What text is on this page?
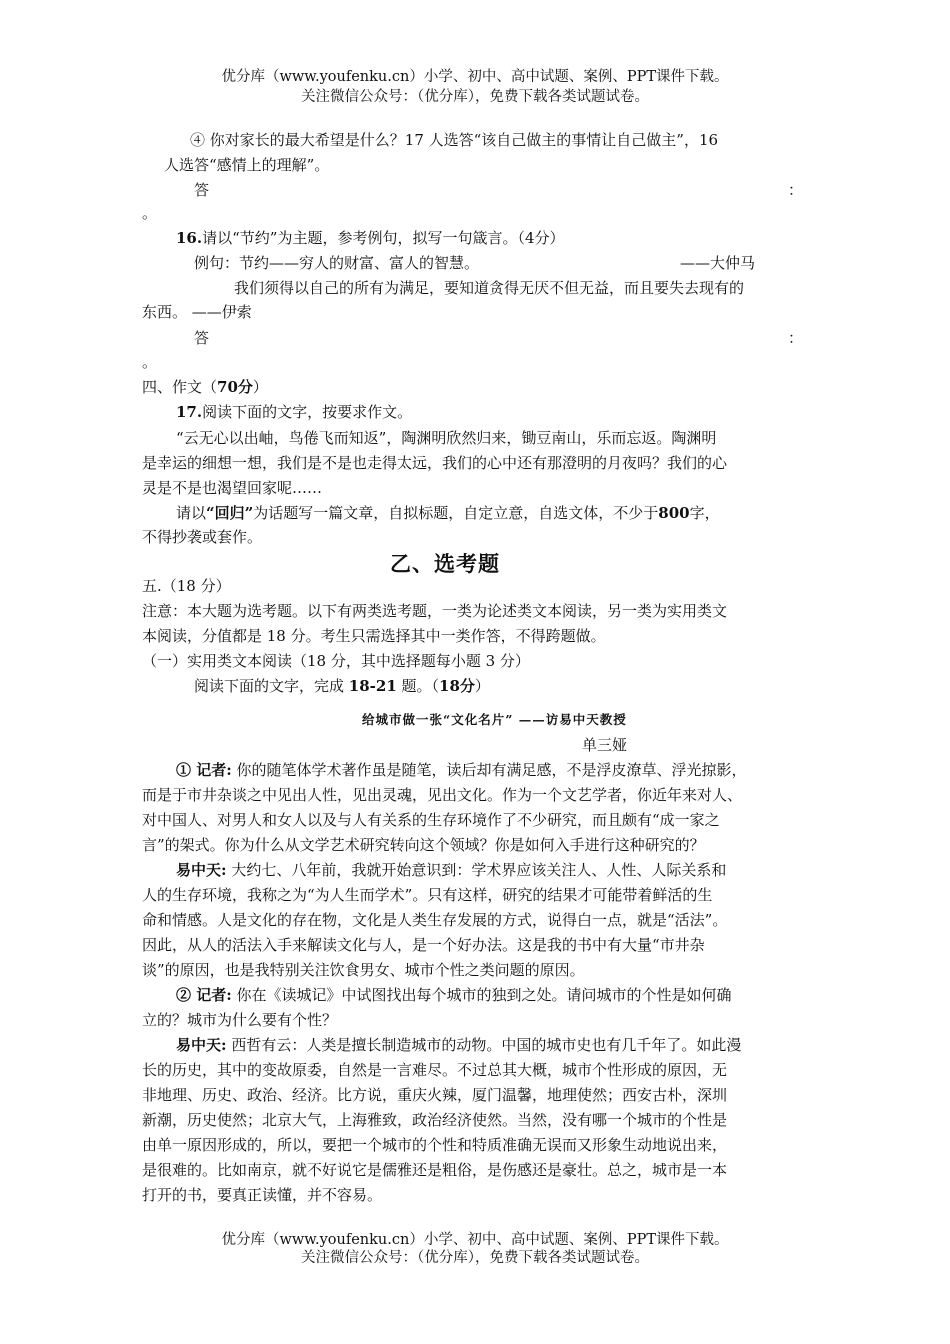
优分库（www.youfenku.cn）小学、初中、高中试题、案例、PPT课件下载。
关注微信公众号：（优分库），免费下载各类试题试卷。
④ 你对家长的最大希望是什么？17 人选答“该自己做主的事情让自己做主”，16
人选答“感情上的理解”。
答	：
。
16.请以“节约”为主题，参考例句，拟写一句箴言。（4分）
例句：节约——穷人的财富、富人的智慧。	——大仲马
我们须得以自己的所有为满足，要知道贪得无厌不但无益，而且要失去现有的
东西。 ——伊索
答	：
。
四、作文（70分）
17.阅读下面的文字，按要求作文。
“云无心以出岫，鸟倦飞而知返”，陶渊明欣然归来，锄豆南山，乐而忘返。陶渊明
是幸运的细想一想，我们是不是也走得太远，我们的心中还有那澄明的月夜吗？我们的心
灵是不是也渴望回家呢……
请以“回归”为话题写一篇文章，自拟标题，自定立意，自选文体，不少于800字，
不得抄袭或套作。
乙、选考题
五.（18 分）
注意：本大题为选考题。以下有两类选考题，一类为论述类文本阅读，另一类为实用类文
本阅读，分值都是 18 分。考生只需选择其中一类作答，不得跨题做。
（一）实用类文本阅读（18 分，其中选择题每小题 3 分）
阅读下面的文字，完成 18-21 题。（18分）
给城市做一张“文化名片” ——访易中天教授
单三娅
① 记者: 你的随笔体学术著作虽是随笔，读后却有满足感，不是浮皮潦草、浮光掠影，
而是于市井杂谈之中见出人性，见出灵魂，见出文化。作为一个文艺学者，你近年来对人、
对中国人、对男人和女人以及与人有关系的生存环境作了不少研究，而且颇有“成一家之
言”的架式。你为什么从文学艺术研究转向这个领域？你是如何入手进行这种研究的？
易中天: 大约七、八年前，我就开始意识到：学术界应该关注人、人性、人际关系和
人的生存环境，我称之为“为人生而学术”。只有这样，研究的结果才可能带着鲜活的生
命和情感。人是文化的存在物，文化是人类生存发展的方式，说得白一点，就是“活法”。
因此，从人的活法入手来解读文化与人，是一个好办法。这是我的书中有大量“市井杂
谈”的原因，也是我特别关注饮食男女、城市个性之类问题的原因。
② 记者: 你在《读城记》中试图找出每个城市的独到之处。请问城市的个性是如何确
立的？城市为什么要有个性？
易中天: 西哲有云：人类是擅长制造城市的动物。中国的城市史也有几千年了。如此漫
长的历史，其中的变故原委，自然是一言难尽。不过总其大概，城市个性形成的原因，无
非地理、历史、政治、经济。比方说，重庆火辣，厦门温馨，地理使然；西安古朴，深圳
新潮，历史使然；北京大气，上海雅致，政治经济使然。当然，没有哪一个城市的个性是
由单一原因形成的，所以，要把一个城市的个性和特质准确无误而又形象生动地说出来，
是很难的。比如南京，就不好说它是儒雅还是粗俗，是伤感还是豪壮。总之，城市是一本
打开的书，要真正读懂，并不容易。
优分库（www.youfenku.cn）小学、初中、高中试题、案例、PPT课件下载。
关注微信公众号：（优分库），免费下载各类试题试卷。
